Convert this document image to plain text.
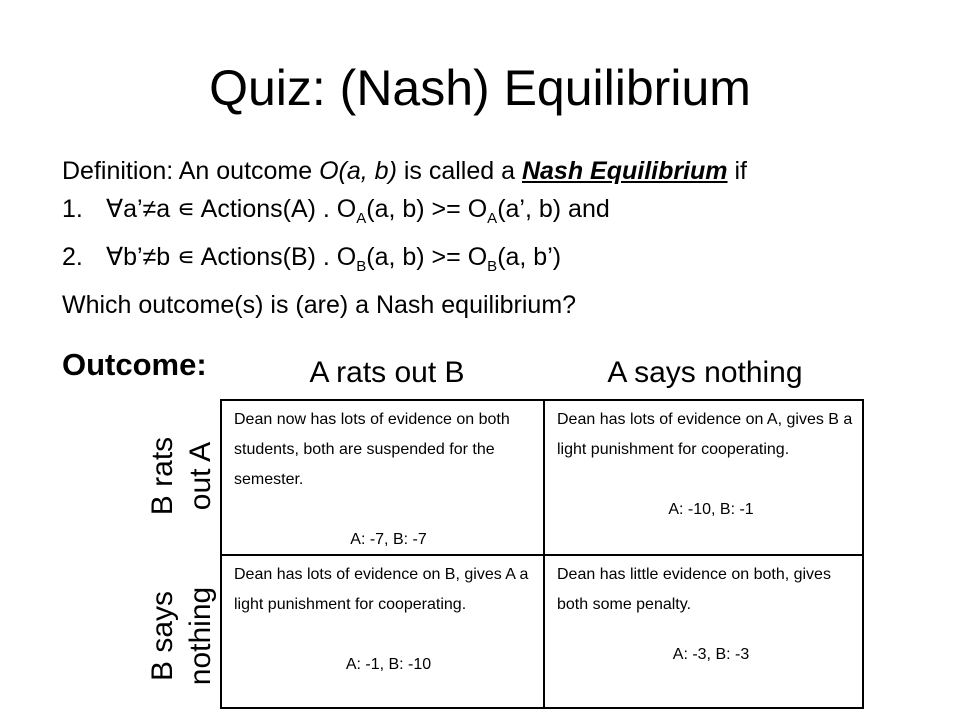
Quiz: (Nash) Equilibrium
Definition: An outcome O(a, b) is called a Nash Equilibrium if
1. ∀a’≠a ∊ Actions(A) . $O_A(a$, $b) >= O_A(a$’, b) and
2. ∀b’≠b ∊ Actions(B) . $O_B(a$, $b) >= O_B(a$, b’)
Which outcome(s) is (are) a Nash equilibrium?
Outcome:	A rats out B	A says nothing
B rats out A
B says nothing
Dean now has lots of evidence on both students, both are suspended for the semester.
A: -7, B: -7
Dean has lots of evidence on A, gives B a light punishment for cooperating.
A: -10, B: -1
Dean has lots of evidence on B, gives A a light punishment for cooperating.
A: -1, B: -10
Dean has little evidence on both, gives both some penalty.
A: -3, B: -3
